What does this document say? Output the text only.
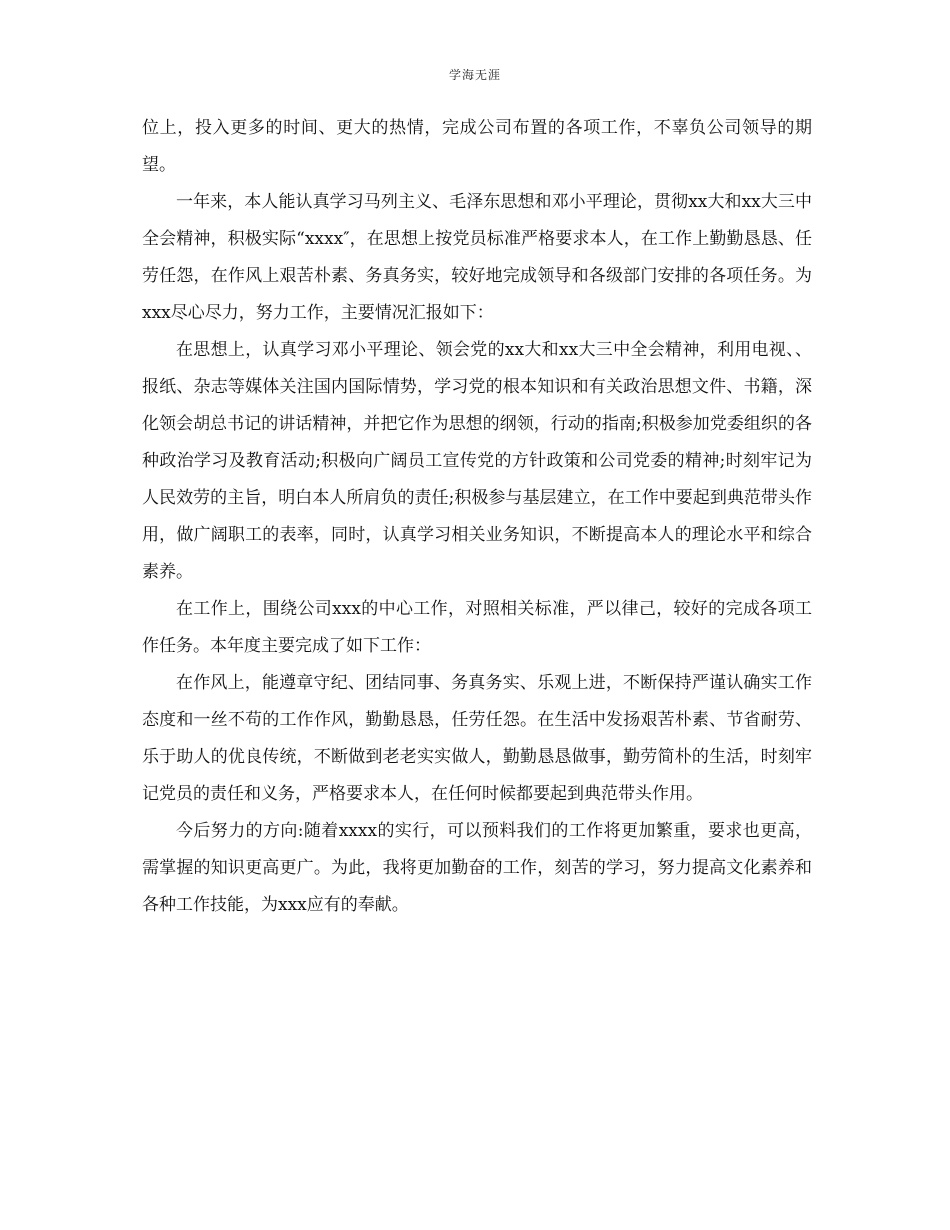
学海无涯

位上，投入更多的时间、更大的热情，完成公司布置的各项工作，不辜负公司领导的期望。

一年来，本人能认真学习马列主义、毛泽东思想和邓小平理论，贯彻xx大和xx大三中全会精神，积极实际“xxxx″，在思想上按党员标准严格要求本人，在工作上勤勤恳恳、任劳任怨，在作风上艰苦朴素、务真务实，较好地完成领导和各级部门安排的各项任务。为xxx尽心尽力，努力工作，主要情况汇报如下：

在思想上，认真学习邓小平理论、领会党的xx大和xx大三中全会精神，利用电视、、报纸、杂志等媒体关注国内国际情势，学习党的根本知识和有关政治思想文件、书籍，深化领会胡总书记的讲话精神，并把它作为思想的纲领，行动的指南;积极参加党委组织的各种政治学习及教育活动;积极向广阔员工宣传党的方针政策和公司党委的精神;时刻牢记为人民效劳的主旨，明白本人所肩负的责任;积极参与基层建立，在工作中要起到典范带头作用，做广阔职工的表率，同时，认真学习相关业务知识，不断提高本人的理论水平和综合素养。

在工作上，围绕公司xxx的中心工作，对照相关标准，严以律己，较好的完成各项工作任务。本年度主要完成了如下工作：

在作风上，能遵章守纪、团结同事、务真务实、乐观上进，不断保持严谨认确实工作态度和一丝不苟的工作作风，勤勤恳恳，任劳任怨。在生活中发扬艰苦朴素、节省耐劳、乐于助人的优良传统，不断做到老老实实做人，勤勤恳恳做事，勤劳简朴的生活，时刻牢记党员的责任和义务，严格要求本人，在任何时候都要起到典范带头作用。

今后努力的方向:随着xxxx的实行，可以预料我们的工作将更加繁重，要求也更高，需掌握的知识更高更广。为此，我将更加勤奋的工作，刻苦的学习，努力提高文化素养和各种工作技能，为xxx应有的奉献。
